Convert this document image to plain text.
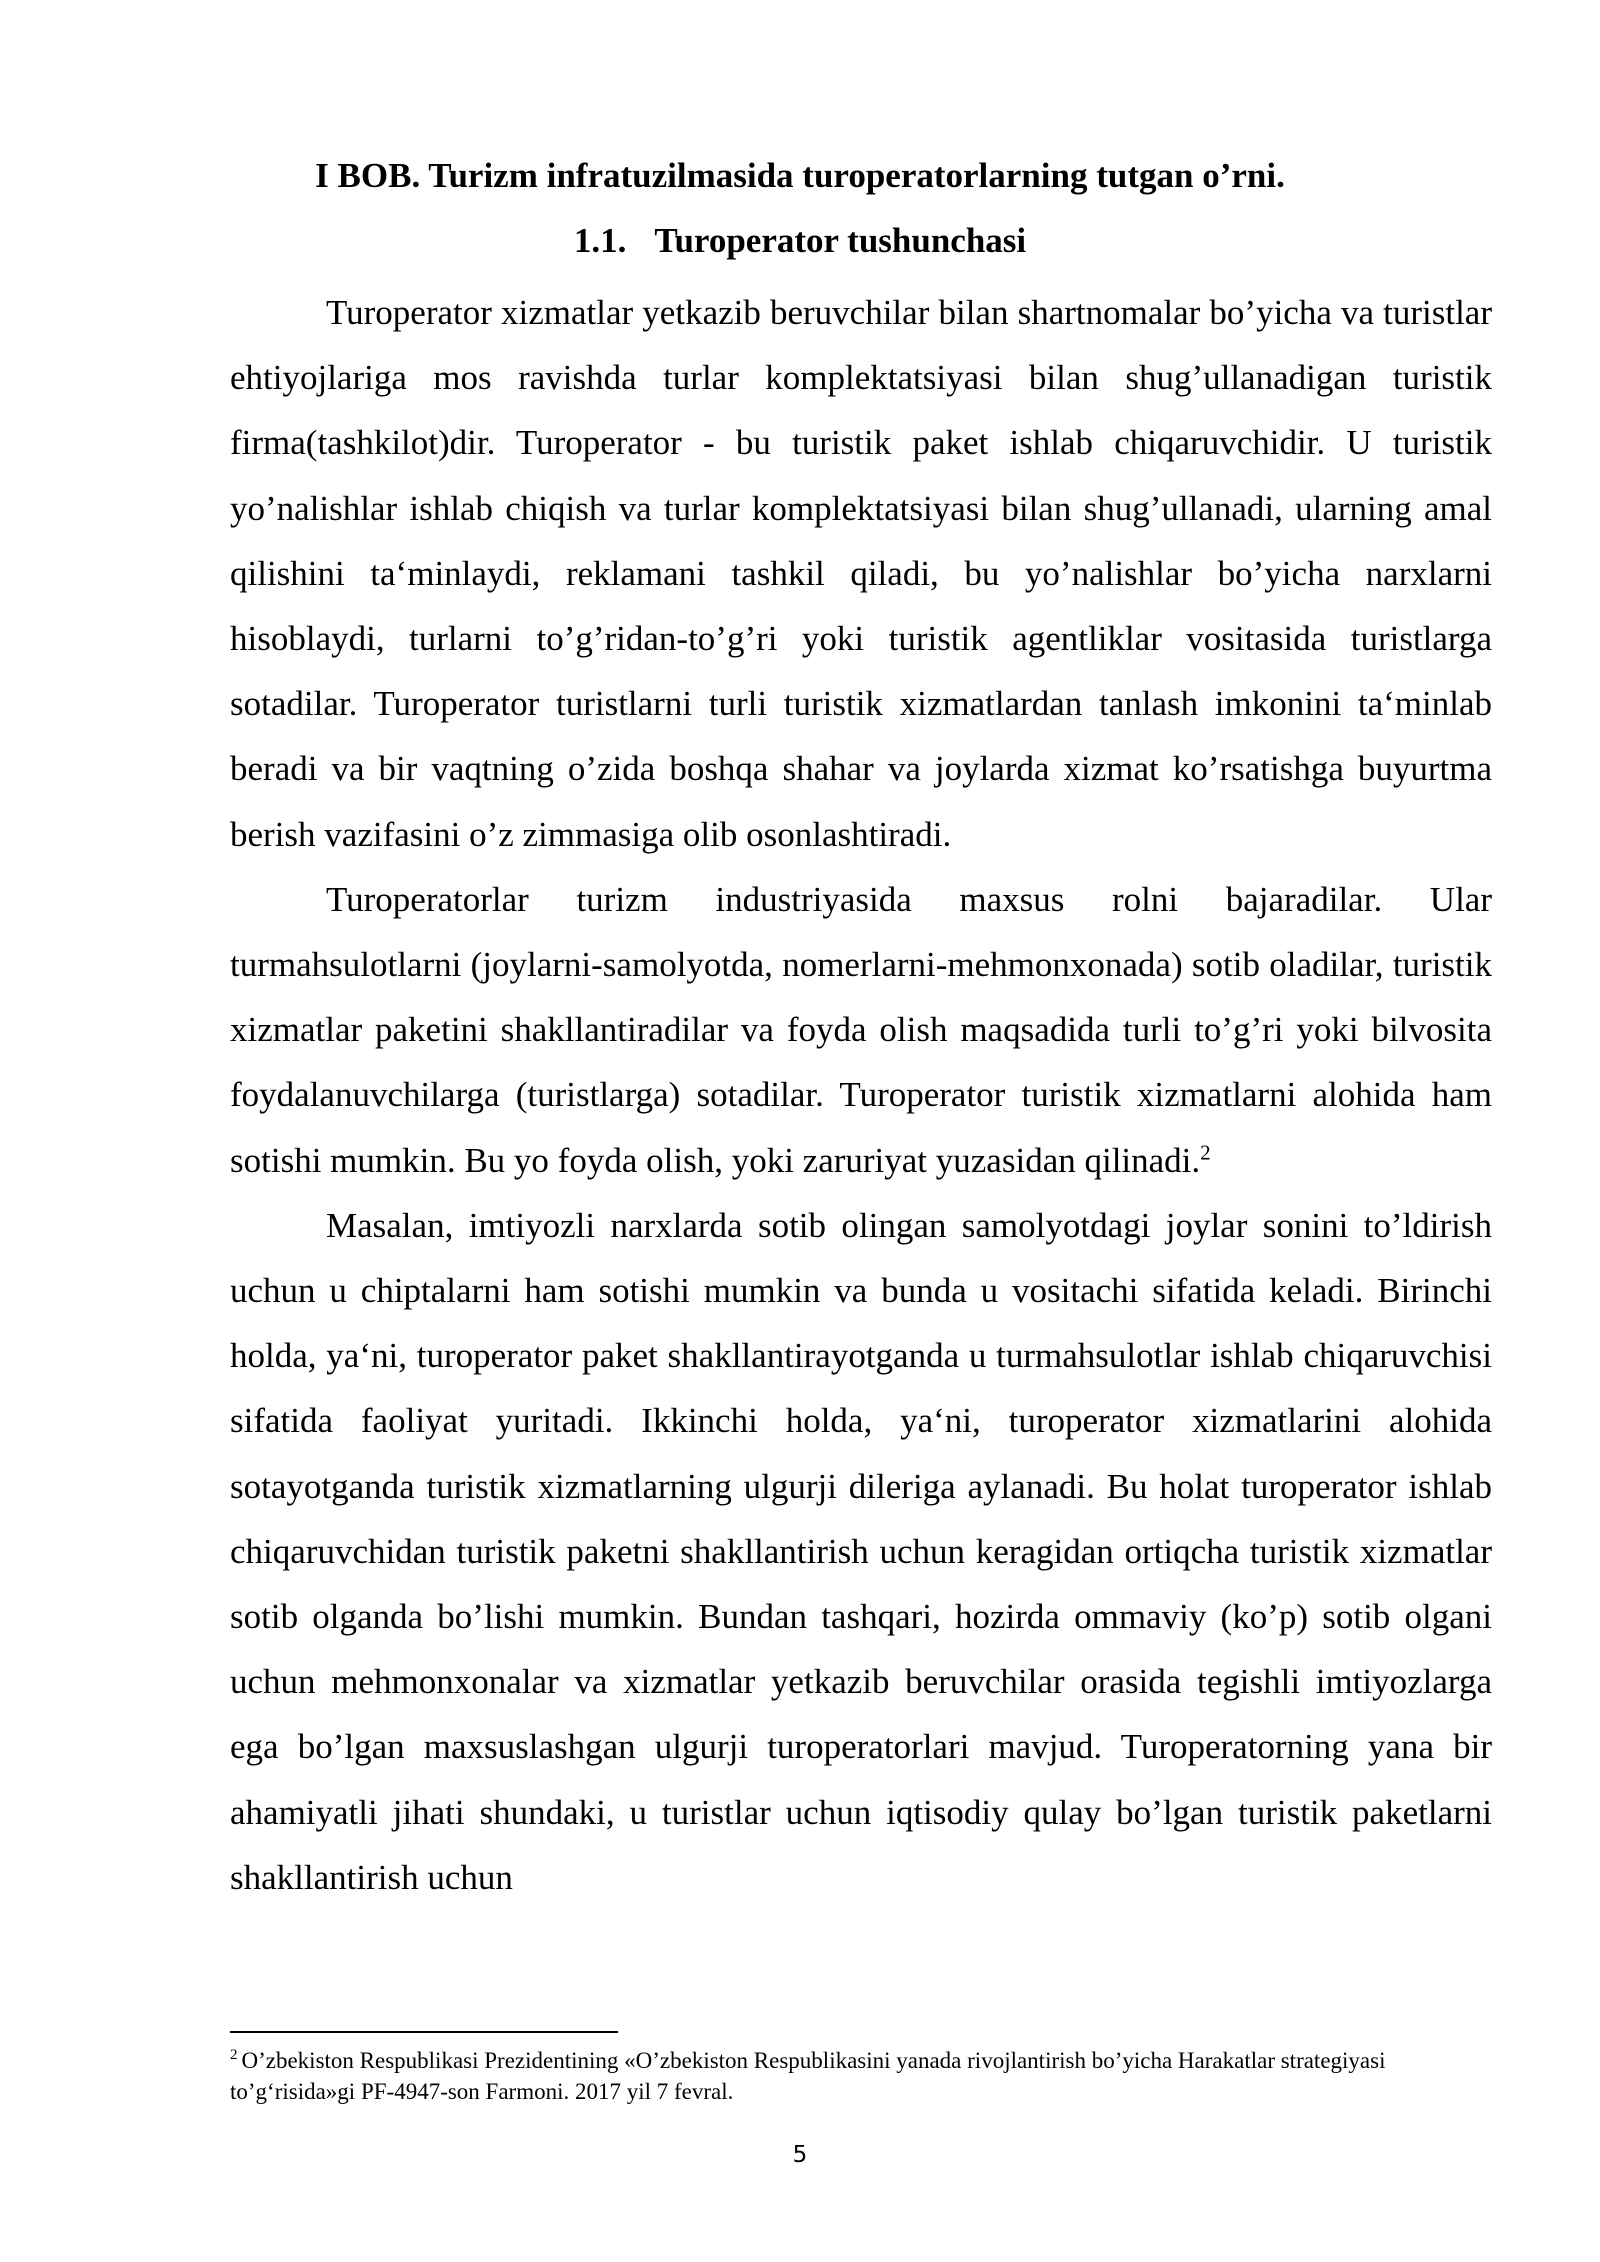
I BOB. Turizm infratuzilmasida turoperatorlarning tutgan o’rni.
1.1. Turoperator tushunchasi

Turoperator xizmatlar yetkazib beruvchilar bilan shartnomalar bo’yicha va turistlar ehtiyojlariga mos ravishda turlar komplektatsiyasi bilan shug’ullanadigan turistik firma(tashkilot)dir. Turoperator - bu turistik paket ishlab chiqaruvchidir. U turistik yo’nalishlar ishlab chiqish va turlar komplektatsiyasi bilan shug’ullanadi, ularning amal qilishini ta‘minlaydi, reklamani tashkil qiladi, bu yo’nalishlar bo’yicha narxlarni hisoblaydi, turlarni to’g’ridan-to’g’ri yoki turistik agentliklar vositasida turistlarga sotadilar. Turoperator turistlarni turli turistik xizmatlardan tanlash imkonini ta‘minlab beradi va bir vaqtning o’zida boshqa shahar va joylarda xizmat ko’rsatishga buyurtma berish vazifasini o’z zimmasiga olib osonlashtiradi.

Turoperatorlar turizm industriyasida maxsus rolni bajaradilar. Ular turmahsulotlarni (joylarni-samolyotda, nomerlarni-mehmonxonada) sotib oladilar, turistik xizmatlar paketini shakllantiradilar va foyda olish maqsadida turli to’g’ri yoki bilvosita foydalanuvchilarga (turistlarga) sotadilar. Turoperator turistik xizmatlarni alohida ham sotishi mumkin. Bu yo foyda olish, yoki zaruriyat yuzasidan qilinadi.$^2$

Masalan, imtiyozli narxlarda sotib olingan samolyotdagi joylar sonini to’ldirish uchun u chiptalarni ham sotishi mumkin va bunda u vositachi sifatida keladi. Birinchi holda, ya‘ni, turoperator paket shakllantirayotganda u turmahsulotlar ishlab chiqaruvchisi sifatida faoliyat yuritadi. Ikkinchi holda, ya‘ni, turoperator xizmatlarini alohida sotayotganda turistik xizmatlarning ulgurji dileriga aylanadi. Bu holat turoperator ishlab chiqaruvchidan turistik paketni shakllantirish uchun keragidan ortiqcha turistik xizmatlar sotib olganda bo’lishi mumkin. Bundan tashqari, hozirda ommaviy (ko’p) sotib olgani uchun mehmonxonalar va xizmatlar yetkazib beruvchilar orasida tegishli imtiyozlarga ega bo’lgan maxsuslashgan ulgurji turoperatorlari mavjud. Turoperatorning yana bir ahamiyatli jihati shundaki, u turistlar uchun iqtisodiy qulay bo’lgan turistik paketlarni shakllantirish uchun

$^2$ O’zbekiston Respublikasi Prezidentining «O’zbekiston Respublikasini yanada rivojlantirish bo’yicha Harakatlar strategiyasi to’g‘risida»gi PF-4947-son Farmoni. 2017 yil 7 fevral.
5
